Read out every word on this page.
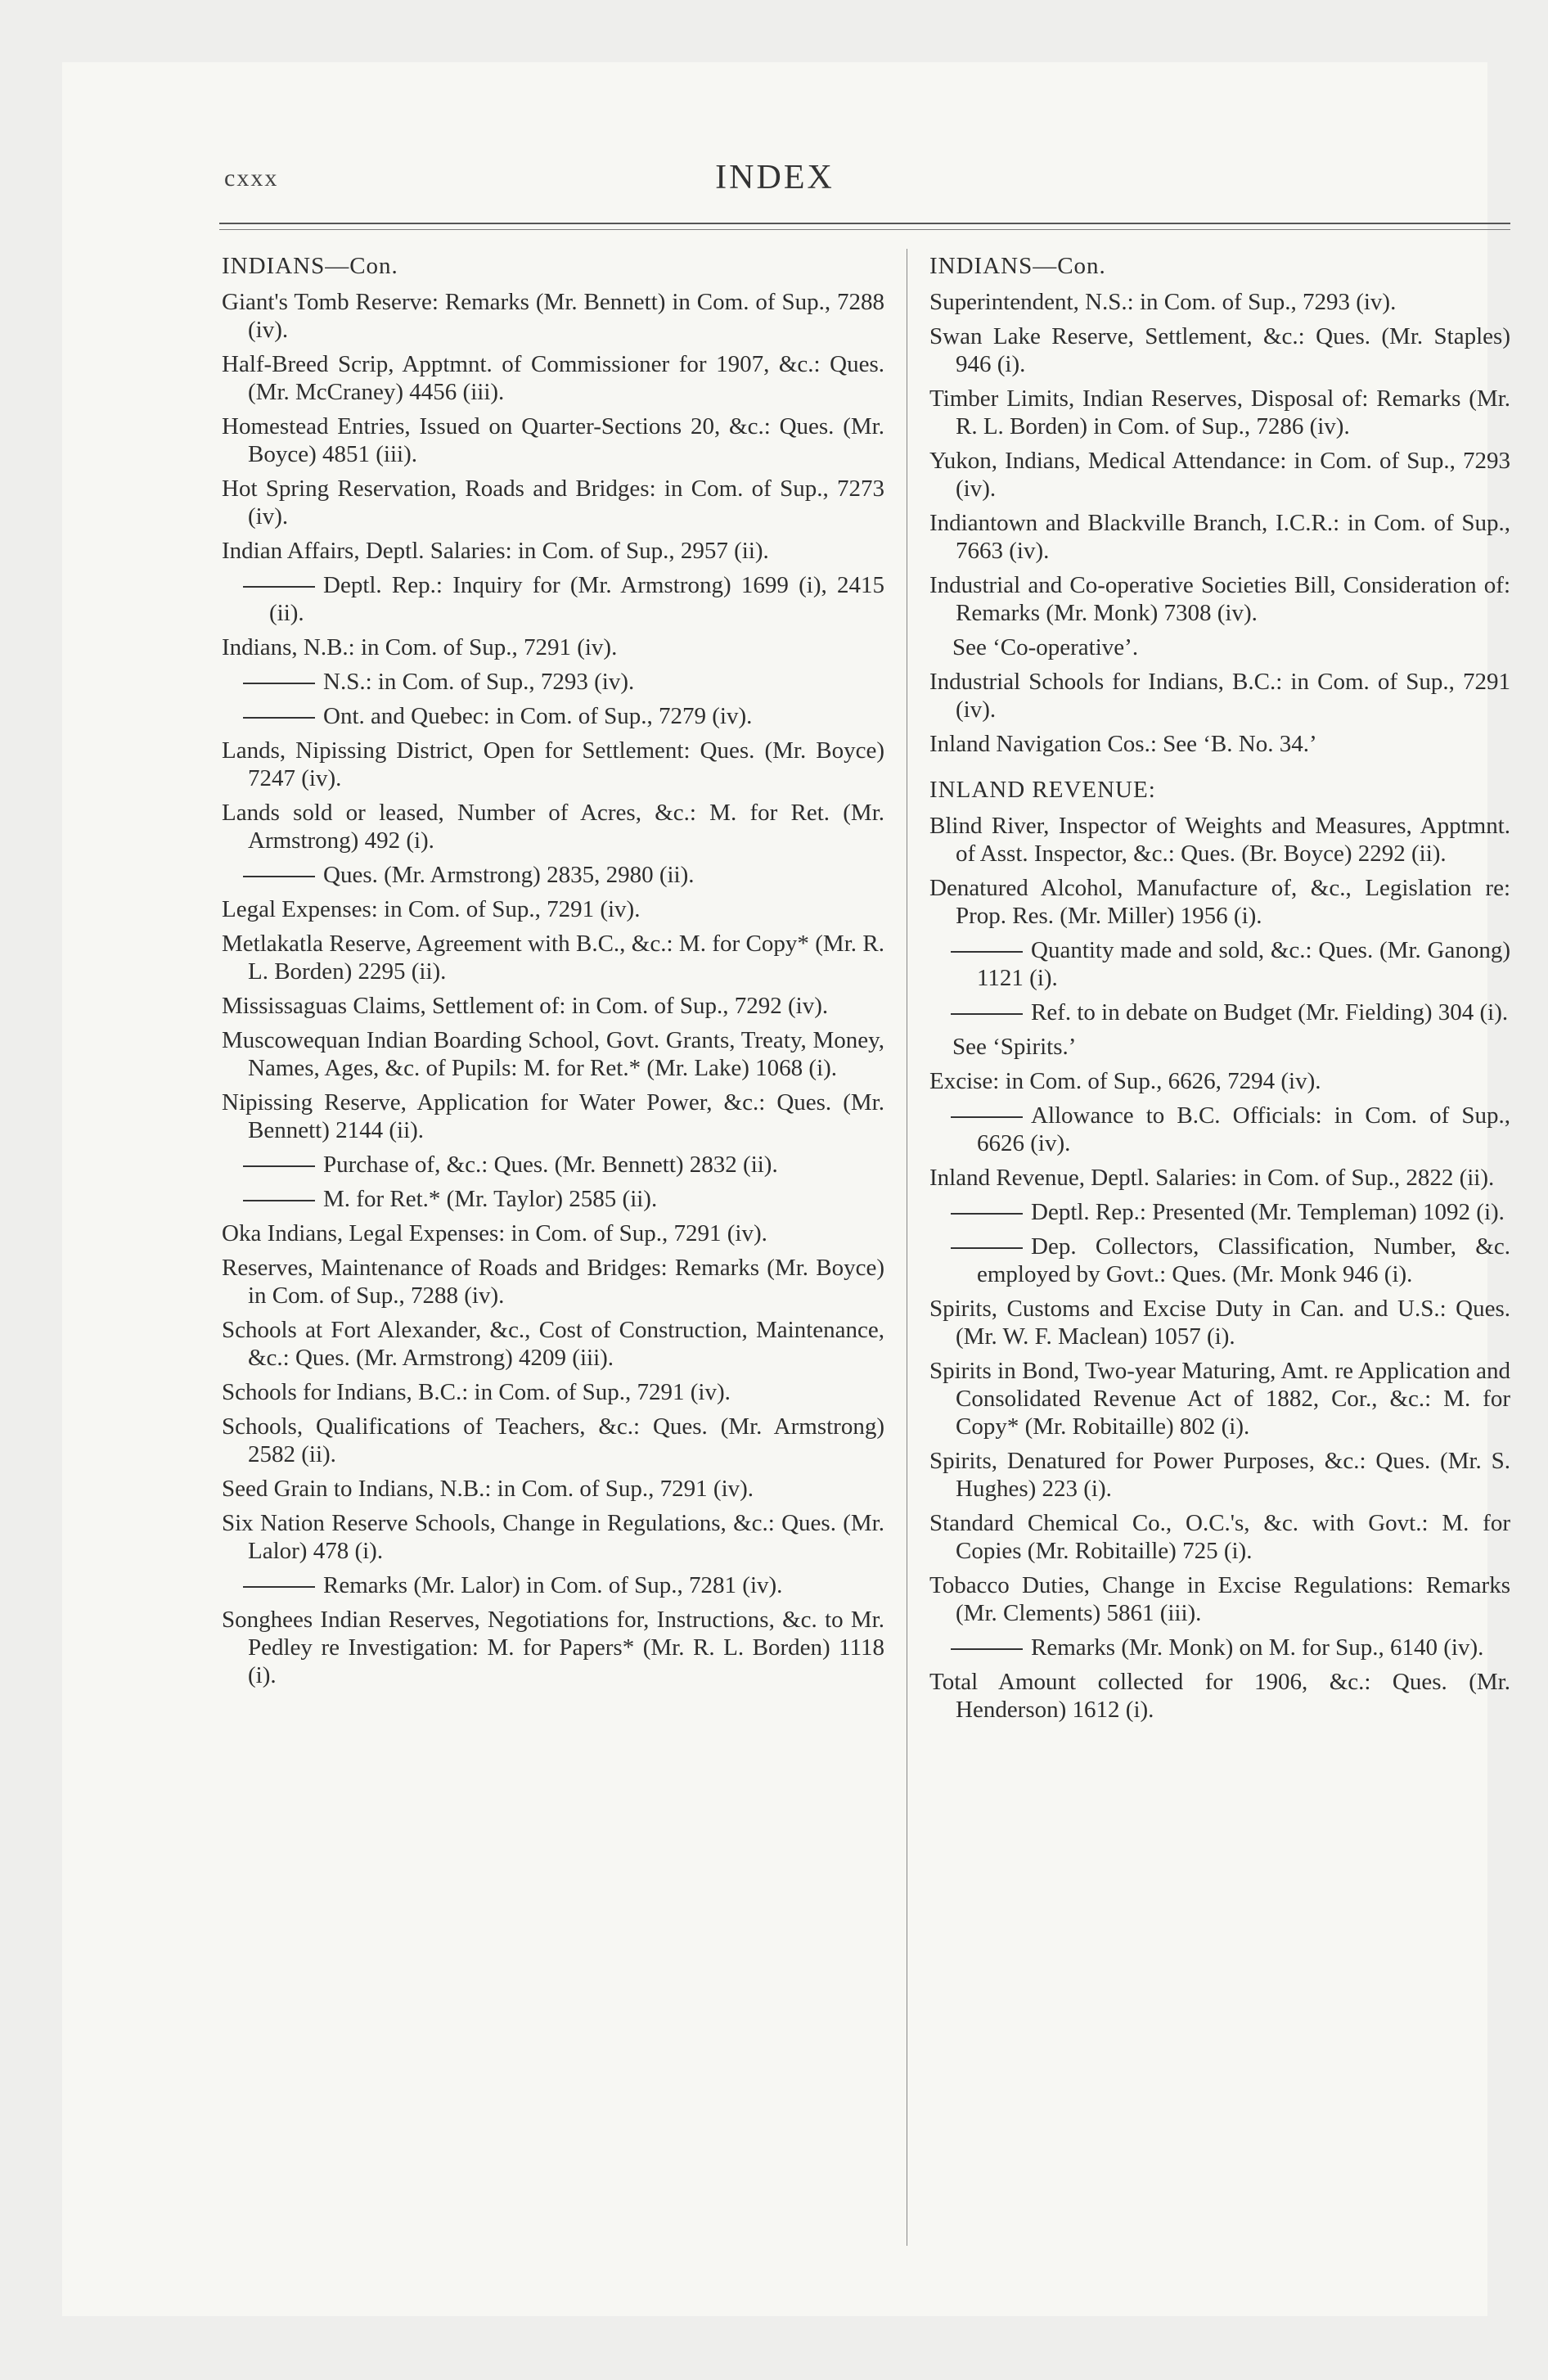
cxxx	INDEX
INDIANS—Con.
Giant's Tomb Reserve: Remarks (Mr. Bennett) in Com. of Sup., 7288 (iv).
Half-Breed Scrip, Apptmnt. of Commissioner for 1907, &c.: Ques. (Mr. McCraney) 4456 (iii).
Homestead Entries, Issued on Quarter-Sections 20, &c.: Ques. (Mr. Boyce) 4851 (iii).
Hot Spring Reservation, Roads and Bridges: in Com. of Sup., 7273 (iv).
Indian Affairs, Deptl. Salaries: in Com. of Sup., 2957 (ii).
Deptl. Rep.: Inquiry for (Mr. Armstrong) 1699 (i), 2415 (ii).
Indians, N.B.: in Com. of Sup., 7291 (iv).
N.S.: in Com. of Sup., 7293 (iv).
Ont. and Quebec: in Com. of Sup., 7279 (iv).
Lands, Nipissing District, Open for Settlement: Ques. (Mr. Boyce) 7247 (iv).
Lands sold or leased, Number of Acres, &c.: M. for Ret. (Mr. Armstrong) 492 (i).
Ques. (Mr. Armstrong) 2835, 2980 (ii).
Legal Expenses: in Com. of Sup., 7291 (iv).
Metlakatla Reserve, Agreement with B.C., &c.: M. for Copy* (Mr. R. L. Borden) 2295 (ii).
Mississaguas Claims, Settlement of: in Com. of Sup., 7292 (iv).
Muscowequan Indian Boarding School, Govt. Grants, Treaty, Money, Names, Ages, &c. of Pupils: M. for Ret.* (Mr. Lake) 1068 (i).
Nipissing Reserve, Application for Water Power, &c.: Ques. (Mr. Bennett) 2144 (ii).
Purchase of, &c.: Ques. (Mr. Bennett) 2832 (ii).
M. for Ret.* (Mr. Taylor) 2585 (ii).
Oka Indians, Legal Expenses: in Com. of Sup., 7291 (iv).
Reserves, Maintenance of Roads and Bridges: Remarks (Mr. Boyce) in Com. of Sup., 7288 (iv).
Schools at Fort Alexander, &c., Cost of Construction, Maintenance, &c.: Ques. (Mr. Armstrong) 4209 (iii).
Schools for Indians, B.C.: in Com. of Sup., 7291 (iv).
Schools, Qualifications of Teachers, &c.: Ques. (Mr. Armstrong) 2582 (ii).
Seed Grain to Indians, N.B.: in Com. of Sup., 7291 (iv).
Six Nation Reserve Schools, Change in Regulations, &c.: Ques. (Mr. Lalor) 478 (i).
Remarks (Mr. Lalor) in Com. of Sup., 7281 (iv).
Songhees Indian Reserves, Negotiations for, Instructions, &c. to Mr. Pedley re Investigation: M. for Papers* (Mr. R. L. Borden) 1118 (i).
INDIANS—Con.
Superintendent, N.S.: in Com. of Sup., 7293 (iv).
Swan Lake Reserve, Settlement, &c.: Ques. (Mr. Staples) 946 (i).
Timber Limits, Indian Reserves, Disposal of: Remarks (Mr. R. L. Borden) in Com. of Sup., 7286 (iv).
Yukon, Indians, Medical Attendance: in Com. of Sup., 7293 (iv).
Indiantown and Blackville Branch, I.C.R.: in Com. of Sup., 7663 (iv).
Industrial and Co-operative Societies Bill, Consideration of: Remarks (Mr. Monk) 7308 (iv).
See ‘Co-operative’.
Industrial Schools for Indians, B.C.: in Com. of Sup., 7291 (iv).
Inland Navigation Cos.: See ‘B. No. 34.’
INLAND REVENUE:
Blind River, Inspector of Weights and Measures, Apptmnt. of Asst. Inspector, &c.: Ques. (Br. Boyce) 2292 (ii).
Denatured Alcohol, Manufacture of, &c., Legislation re: Prop. Res. (Mr. Miller) 1956 (i).
Quantity made and sold, &c.: Ques. (Mr. Ganong) 1121 (i).
Ref. to in debate on Budget (Mr. Fielding) 304 (i).
See ‘Spirits.’
Excise: in Com. of Sup., 6626, 7294 (iv).
Allowance to B.C. Officials: in Com. of Sup., 6626 (iv).
Inland Revenue, Deptl. Salaries: in Com. of Sup., 2822 (ii).
Deptl. Rep.: Presented (Mr. Templeman) 1092 (i).
Dep. Collectors, Classification, Number, &c. employed by Govt.: Ques. (Mr. Monk 946 (i).
Spirits, Customs and Excise Duty in Can. and U.S.: Ques. (Mr. W. F. Maclean) 1057 (i).
Spirits in Bond, Two-year Maturing, Amt. re Application and Consolidated Revenue Act of 1882, Cor., &c.: M. for Copy* (Mr. Robitaille) 802 (i).
Spirits, Denatured for Power Purposes, &c.: Ques. (Mr. S. Hughes) 223 (i).
Standard Chemical Co., O.C.'s, &c. with Govt.: M. for Copies (Mr. Robitaille) 725 (i).
Tobacco Duties, Change in Excise Regulations: Remarks (Mr. Clements) 5861 (iii).
Remarks (Mr. Monk) on M. for Sup., 6140 (iv).
Total Amount collected for 1906, &c.: Ques. (Mr. Henderson) 1612 (i).
